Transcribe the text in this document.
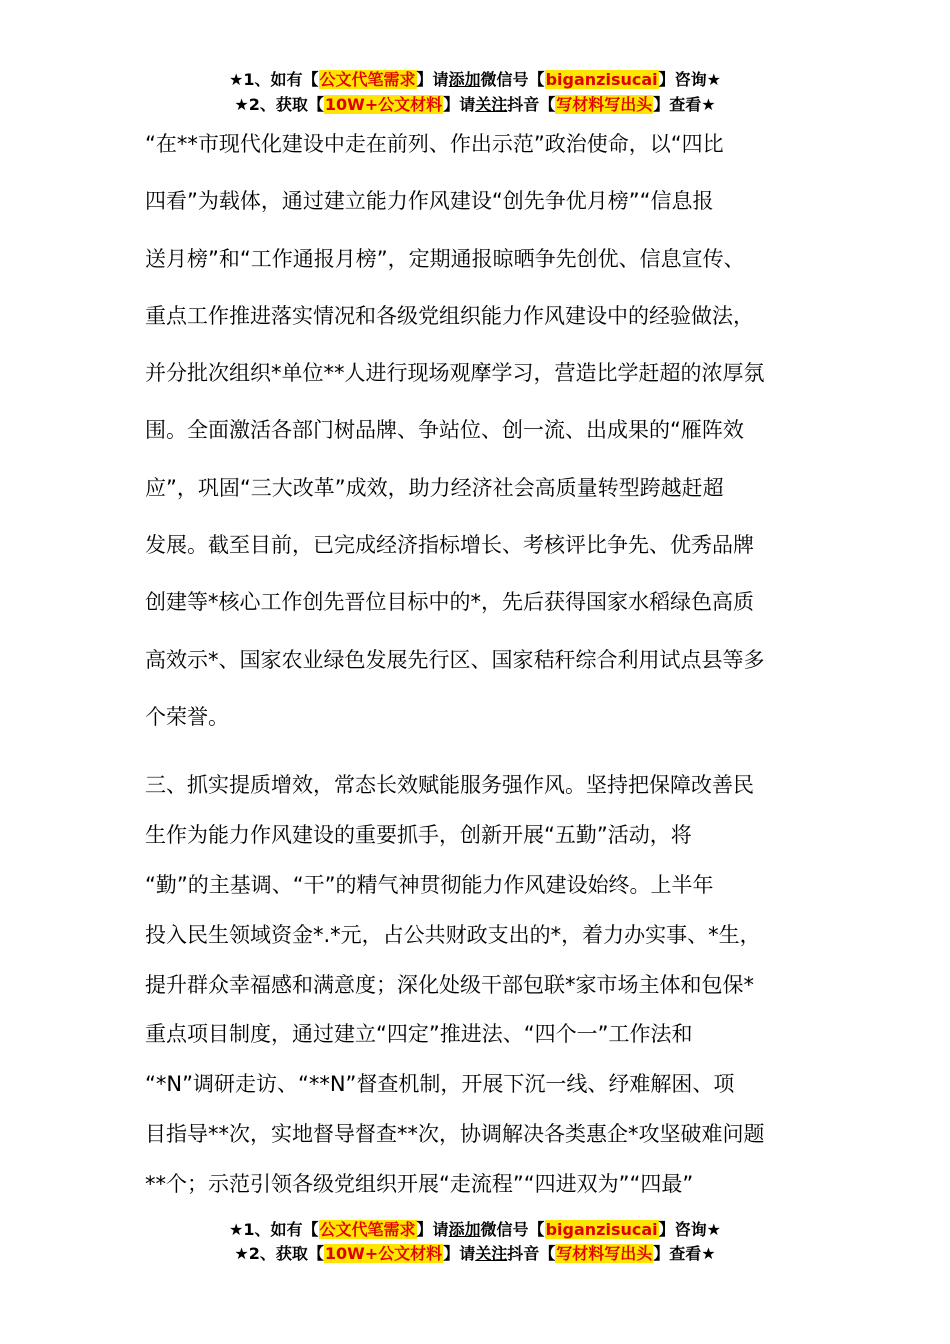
★1、如有【公文代笔需求】请添加微信号【biganzisucai】咨询★
★2、获取【10W+公文材料】请关注抖音【写材料写出头】查看★
“在**市现代化建设中走在前列、作出示范”政治使命，以“四比
四看”为载体，通过建立能力作风建设“创先争优月榜”“信息报
送月榜”和“工作通报月榜”，定期通报晾晒争先创优、信息宣传、
重点工作推进落实情况和各级党组织能力作风建设中的经验做法，
并分批次组织*单位**人进行现场观摩学习，营造比学赶超的浓厚氛
围。全面激活各部门树品牌、争站位、创一流、出成果的“雁阵效
应”，巩固“三大改革”成效，助力经济社会高质量转型跨越赶超
发展。截至目前，已完成经济指标增长、考核评比争先、优秀品牌
创建等*核心工作创先晋位目标中的*，先后获得国家水稻绿色高质
高效示*、国家农业绿色发展先行区、国家秸秆综合利用试点县等多
个荣誉。
三、抓实提质增效，常态长效赋能服务强作风。坚持把保障改善民
生作为能力作风建设的重要抓手，创新开展“五勤”活动，将
“勤”的主基调、“干”的精气神贯彻能力作风建设始终。上半年
投入民生领域资金*.*元，占公共财政支出的*，着力办实事、*生，
提升群众幸福感和满意度；深化处级干部包联*家市场主体和包保*
重点项目制度，通过建立“四定”推进法、“四个一”工作法和
“*N”调研走访、“**N”督查机制，开展下沉一线、纾难解困、项
目指导**次，实地督导督查**次，协调解决各类惠企*攻坚破难问题
**个；示范引领各级党组织开展“走流程”“四进双为”“四最”
★1、如有【公文代笔需求】请添加微信号【biganzisucai】咨询★
★2、获取【10W+公文材料】请关注抖音【写材料写出头】查看★
